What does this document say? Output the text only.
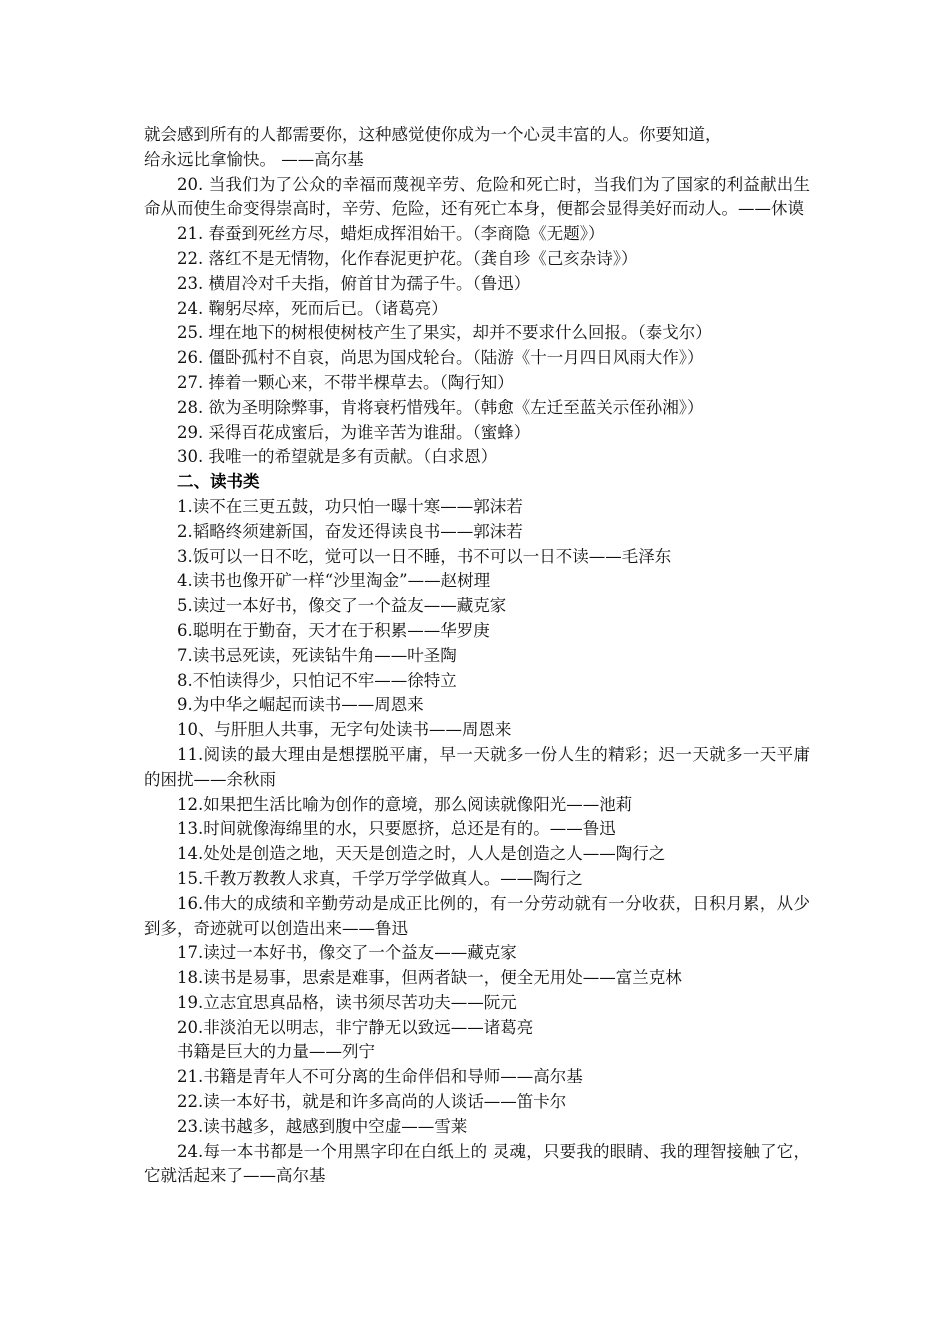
就会感到所有的人都需要你，这种感觉使你成为一个心灵丰富的人。你要知道，

给永远比拿愉快。 ——高尔基

20. 当我们为了公众的幸福而蔑视辛劳、危险和死亡时，当我们为了国家的利益献出生命从而使生命变得崇高时，辛劳、危险，还有死亡本身，便都会显得美好而动人。——休谟

21. 春蚕到死丝方尽，蜡炬成挥泪始干。（李商隐《无题》）

22. 落红不是无情物，化作春泥更护花。（龚自珍《己亥杂诗》）

23. 横眉冷对千夫指，俯首甘为孺子牛。（鲁迅）

24. 鞠躬尽瘁，死而后已。（诸葛亮）

25. 埋在地下的树根使树枝产生了果实，却并不要求什么回报。（泰戈尔）

26. 僵卧孤村不自哀，尚思为国戍轮台。（陆游《十一月四日风雨大作》）

27. 捧着一颗心来，不带半棵草去。（陶行知）

28. 欲为圣明除弊事，肯将衰朽惜残年。（韩愈《左迁至蓝关示侄孙湘》）

29. 采得百花成蜜后，为谁辛苦为谁甜。（蜜蜂）

30. 我唯一的希望就是多有贡献。（白求恩）

二、读书类

1.读不在三更五鼓，功只怕一曝十寒——郭沫若

2.韬略终须建新国，奋发还得读良书——郭沫若

3.饭可以一日不吃，觉可以一日不睡，书不可以一日不读——毛泽东

4.读书也像开矿一样“沙里淘金”——赵树理

5.读过一本好书，像交了一个益友——藏克家

6.聪明在于勤奋，天才在于积累——华罗庚

7.读书忌死读，死读钻牛角——叶圣陶

8.不怕读得少，只怕记不牢——徐特立

9.为中华之崛起而读书——周恩来

10、与肝胆人共事，无字句处读书——周恩来

11.阅读的最大理由是想摆脱平庸，早一天就多一份人生的精彩；迟一天就多一天平庸的困扰——余秋雨

12.如果把生活比喻为创作的意境，那么阅读就像阳光——池莉

13.时间就像海绵里的水，只要愿挤，总还是有的。——鲁迅

14.处处是创造之地，天天是创造之时，人人是创造之人——陶行之

15.千教万教教人求真，千学万学学做真人。——陶行之

16.伟大的成绩和辛勤劳动是成正比例的，有一分劳动就有一分收获，日积月累，从少到多，奇迹就可以创造出来——鲁迅

17.读过一本好书，像交了一个益友——藏克家

18.读书是易事，思索是难事，但两者缺一，便全无用处——富兰克林

19.立志宜思真品格，读书须尽苦功夫——阮元

20.非淡泊无以明志，非宁静无以致远——诸葛亮

书籍是巨大的力量——列宁

21.书籍是青年人不可分离的生命伴侣和导师——高尔基

22.读一本好书，就是和许多高尚的人谈话——笛卡尔

23.读书越多，越感到腹中空虚——雪莱

24.每一本书都是一个用黑字印在白纸上的 灵魂，只要我的眼睛、我的理智接触了它，它就活起来了——高尔基
